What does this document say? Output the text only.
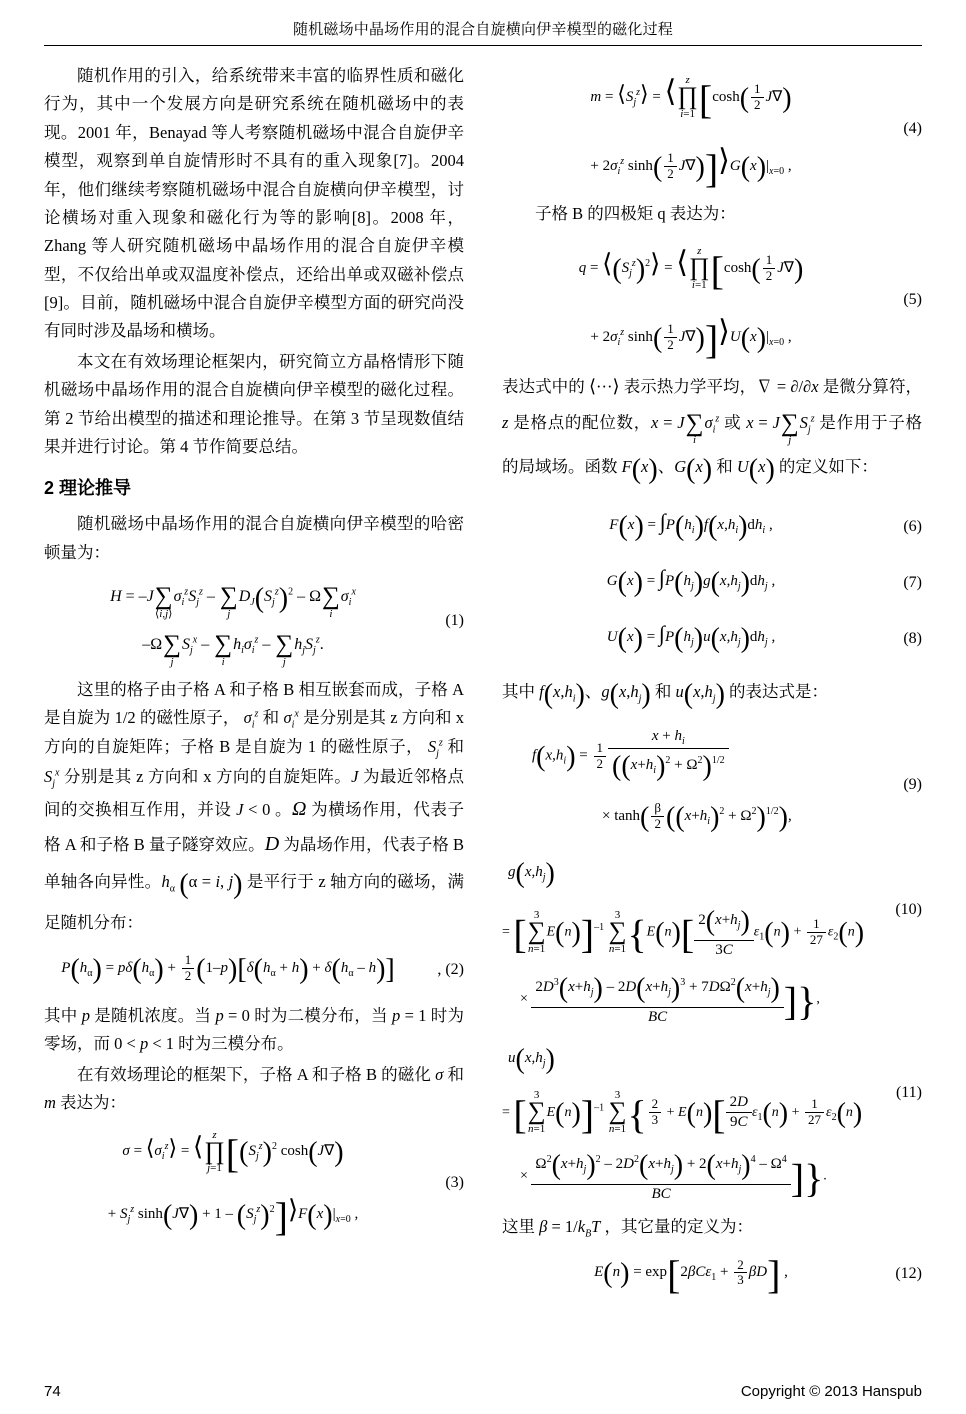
随机磁场中晶场作用的混合自旋横向伊辛模型的磁化过程

随机作用的引入，给系统带来丰富的临界性质和磁化行为，其中一个发展方向是研究系统在随机磁场中的表现。2001 年，Benayad 等人考察随机磁场中混合自旋伊辛模型，观察到单自旋情形时不具有的重入现象[7]。2004 年，他们继续考察随机磁场中混合自旋横向伊辛模型，讨论横场对重入现象和磁化行为等的影响[8]。2008 年，Zhang 等人研究随机磁场中晶场作用的混合自旋伊辛模型，不仅给出单或双温度补偿点，还给出单或双磁补偿点[9]。目前，随机磁场中混合自旋伊辛模型方面的研究尚没有同时涉及晶场和横场。

本文在有效场理论框架内，研究简立方晶格情形下随机磁场中晶场作用的混合自旋横向伊辛模型的磁化过程。第 2 节给出模型的描述和理论推导。在第 3 节呈现数值结果并进行讨论。第 4 节作简要总结。

2 理论推导

随机磁场中晶场作用的混合自旋横向伊辛模型的哈密顿量为：

H = –J
∑
⟨i,j⟩
$\sigma_i^zS_j^z$ –
∑
j
$D_J(S_j^z)^2$ – Ω
∑
i
$\sigma_i^x$
–Ω
∑
j
$S_j^x$ –
∑
i
$h_i\sigma_i^z$ –
∑
j
$h_jS_j^z$.
(1)

这里的格子由子格 A 和子格 B 相互嵌套而成，子格 A 是自旋为 1/2 的磁性原子， $\sigma_i^z$ 和 $\sigma_i^x$ 是分别是其 z 方向和 x 方向的自旋矩阵；子格 B 是自旋为 1 的磁性原子， $S_j^z$ 和 $S_j^x$ 分别是其 z 方向和 x 方向的自旋矩阵。J 为最近邻格点间的交换相互作用，并设 J < 0 。Ω 为横场作用，代表子格 A 和子格 B 量子隧穿效应。D 为晶场作用，代表子格 B 单轴各向异性。$h_\alpha$ (α = i, j) 是平行于 z 轴方向的磁场，满足随机分布：

$P(h_\alpha) = p\delta(h_\alpha) + \frac{1}{2} (1-p)[\delta(h_\alpha + h) + \delta(h_\alpha - h)]$	, (2)

其中 p 是随机浓度。当 p = 0 时为二模分布，当 p = 1 时为零场，而 0 < p < 1 时为三模分布。

在有效场理论的框架下，子格 A 和子格 B 的磁化 σ 和 m 表达为：

$\sigma = ⟨\sigma_i^z⟩$ = ⟨ z
∏
j=1 [$(S_j^z)^2$ cosh(J∇)
+ $S_j^z$ $\sinh(J\nabla) + 1 - (S_j^z)^2]⟩F(x)|_{x=0}$ ,
(3)
$m = ⟨S_j^z⟩$ = ⟨ z
∏
i=1 [$\cosh( \frac{1}{2} J\nabla)$
+ $2\sigma_i^z$ $\sinh( \frac{1}{2}$ $J\nabla)]⟩G(x)|_{x=0}$ ,
(4)

子格 B 的四极矩 q 表达为：

$q = ⟨(S_j^z)^2⟩$ = ⟨ z
∏
i=1 [$\cosh( \frac{1}{2} J\nabla)$
+ $2\sigma_i^z$ $\sinh( \frac{1}{2}$ $J\nabla)]⟩U(x)|_{x=0}$ ,
(5)

表达式中的 ⟨···⟩ 表示热力学平均，∇ = ∂/∂x 是微分算符，z 是格点的配位数，x = J
∑
i
$\sigma_i^z$ 或 x = J
∑
j
$S_j^z$ 是作用于子格的局域场。函数 F(x)、G(x) 和 U(x) 的定义如下：

$F(x) = \int P(h_i)f(x,h_i)dh_i$ ,	(6)
$G(x) = \int P(h_j)g(x,h_j)dh_j$ ,	(7)
$U(x) = \int P(h_j)u(x,h_j)dh_j$ ,	(8)

其中 $f(x,h_i)$、$g(x,h_j)$ 和 $u(x,h_j)$ 的表达式是：

$f(x,h_i) = \frac{1}{2} \frac{x + h_i}{((x+h_i)^2 + \Omega^2)^{1/2}}$
× $\tanh( \frac{\beta}{2} ((x+h_i)^2 + \Omega^2)^{1/2})$,
(9)
$g(x,h_j)$
= [ 3
∑
n=1
E(n)]$^{-1}$
3
∑
n=1 {$E(n)[ \frac{2(x+h_j)}{3C} \varepsilon_1(n) + \frac{1}{27} \varepsilon_2(n)$
× $\frac{2D^3(x+h_j) - 2D(x+h_j)^3 + 7D\Omega^2(x+h_j)}{BC}$ ]},
(10)
$u(x,h_j)$
= [ 3
∑
n=1
E(n)]$^{-1}$
3
∑
n=1 { $\frac{2}{3} + E(n)[ \frac{2D}{9C} \varepsilon_1(n) + \frac{1}{27} \varepsilon_2(n)$
× $\frac{\Omega^2(x+h_j)^2 - 2D^2(x+h_j) + 2(x+h_j)^4 - \Omega^4}{BC}$ ]}.
(11)

这里 $\beta = 1/k_BT$ ，其它量的定义为：

$E(n) = \exp[2\beta C\varepsilon_1 + \frac{2}{3} \beta D]$ ,	(12)
74	Copyright © 2013 Hanspub
